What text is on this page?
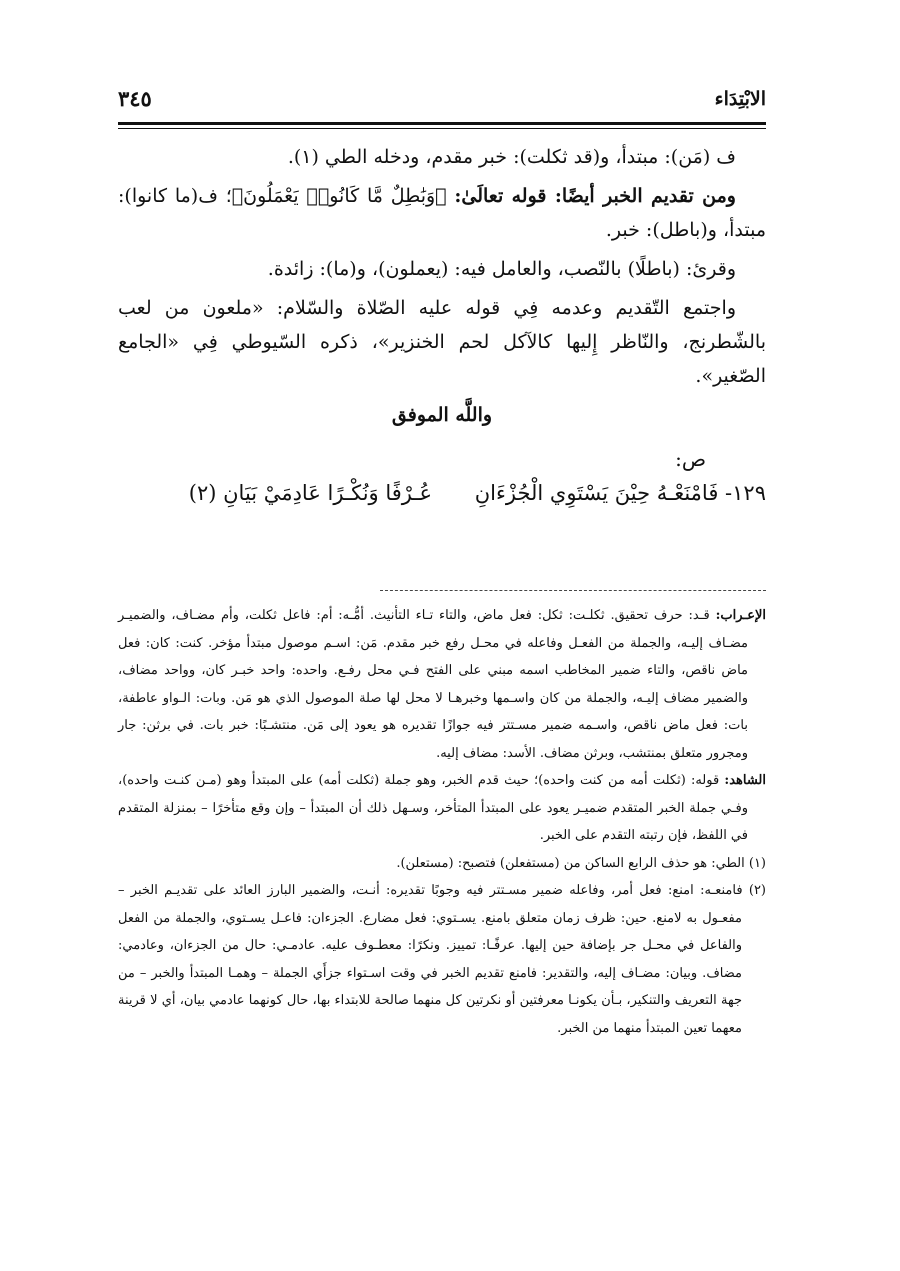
الابْتِدَاء
٣٤٥

ف (مَن): مبتدأ، و(قد ثكلت): خبر مقدم، ودخله الطي (١).

ومن تقديم الخبر أيضًا: قوله تعالَىٰ: ﴿وَبَٰطِلٌ مَّا كَانُوا۟ يَعْمَلُونَ﴾؛ ف(ما كانوا): مبتدأ، و(باطل): خبر.

وقرئ: (باطلًا) بالنّصب، والعامل فيه: (يعملون)، و(ما): زائدة.

واجتمع التّقديم وعدمه فِي قوله عليه الصّلاة والسّلام: «ملعون من لعب بالشّطرنج، والنّاظر إِليها كالآكل لحم الخنزير»، ذكره السّيوطي فِي «الجامع الصّغير».

واللَّه الموفق

ص:

١٢٩- فَامْنَعْـهُ حِيْنَ يَسْتَوِي الْجُزْءَانِ عُـرْفًا وَنُكْـرًا عَادِمَيْ بَيَانِ (٢)

الإعـراب: قـد: حرف تحقيق. ثكلـت: ثكل: فعل ماض، والتاء تـاء التأنيث. أمُّـه: أم: فاعل ثكلت، وأم مضـاف، والضميـر مضـاف إليـه، والجملة من الفعـل وفاعله في محـل رفع خبر مقدم. مَن: اسـم موصول مبتدأ مؤخر. كنت: كان: فعل ماض ناقص، والتاء ضمير المخاطب اسمه مبني على الفتح فـي محل رفـع. واحده: واحد خبـر كان، وواحد مضاف، والضمير مضاف إليـه، والجملة من كان واسـمها وخبرهـا لا محل لها صلة الموصول الذي هو مَن. وبات: الـواو عاطفة، بات: فعل ماض ناقص، واسـمه ضمير مسـتتر فيه جوازًا تقديره هو يعود إلى مَن. منتشـبًا: خبر بات. في برثن: جار ومجرور متعلق بمنتشب، وبرثن مضاف. الأسد: مضاف إليه.

الشاهد: قوله: (ثكلت أمه من كنت واحده)؛ حيث قدم الخبر، وهو جملة (ثكلت أمه) على المبتدأ وهو (مـن كنـت واحده)، وفـي جملة الخبر المتقدم ضميـر يعود على المبتدأ المتأخر، وسـهل ذلك أن المبتدأ – وإن وقع متأخرًا – بمنزلة المتقدم في اللفظ، فإن رتبته التقدم على الخبر.

(١) الطي: هو حذف الرابع الساكن من (مستفعلن) فتصبح: (مستعلن).

(٢) فامنعـه: امنع: فعل أمر، وفاعله ضمير مسـتتر فيه وجوبًا تقديره: أنـت، والضمير البارز العائد على تقديـم الخبر – مفعـول به لامنع. حين: ظرف زمان متعلق بامنع. يسـتوي: فعل مضارع. الجزءان: فاعـل يسـتوي، والجملة من الفعل والفاعل في محـل جر بإضافة حين إليها. عرفًـا: تمييز. ونكرًا: معطـوف عليه. عادمـي: حال من الجزءان، وعادمي: مضاف. وبيان: مضـاف إليه، والتقدير: فامنع تقديم الخبر في وقت اسـتواء جزأَي الجملة – وهمـا المبتدأ والخبر – من جهة التعريف والتنكير، بـأن يكونـا معرفتين أو نكرتين كل منهما صالحة للابتداء بها، حال كونهما عادمي بيان، أي لا قرينة معهما تعين المبتدأ منهما من الخبر.
